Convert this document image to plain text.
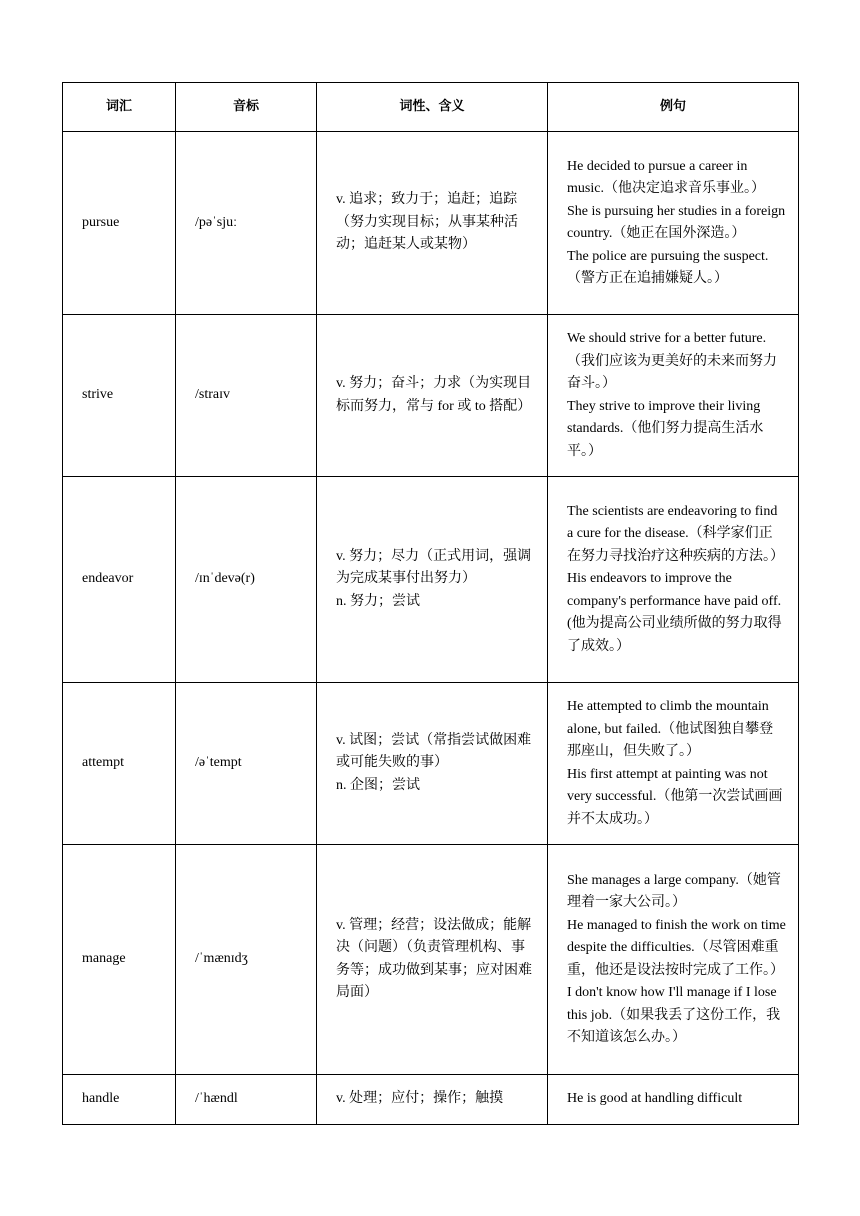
词汇	音标	词性、含义	例句
pursue	/pəˈsjuː	v. 追求；致力于；追赶；追踪（努力实现目标；从事某种活动；追赶某人或某物）	He decided to pursue a career in music.（他决定追求音乐事业。）
She is pursuing her studies in a foreign country.（她正在国外深造。）
The police are pursuing the suspect.（警方正在追捕嫌疑人。）

strive	/straɪv	v. 努力；奋斗；力求（为实现目标而努力，常与 for 或 to 搭配）	We should strive for a better future.（我们应该为更美好的未来而努力奋斗。）
They strive to improve their living standards.（他们努力提高生活水平。）

endeavor	/ɪnˈdevə(r)	v. 努力；尽力（正式用词，强调为完成某事付出努力）
n. 努力；尝试	The scientists are endeavoring to find a cure for the disease.（科学家们正在努力寻找治疗这种疾病的方法。）
His endeavors to improve the company's performance have paid off.(他为提高公司业绩所做的努力取得了成效。）

attempt	/əˈtempt	v. 试图；尝试（常指尝试做困难或可能失败的事）
n. 企图；尝试	He attempted to climb the mountain alone, but failed.（他试图独自攀登那座山，但失败了。）
His first attempt at painting was not very successful.（他第一次尝试画画并不太成功。）

manage	/ˈmænɪdʒ	v. 管理；经营；设法做成；能解决（问题）（负责管理机构、事务等；成功做到某事；应对困难局面）	She manages a large company.（她管理着一家大公司。）
He managed to finish the work on time despite the difficulties.（尽管困难重重，他还是设法按时完成了工作。）
I don't know how I'll manage if I lose this job.（如果我丢了这份工作，我不知道该怎么办。）

handle	/ˈhændl	v. 处理；应付；操作；触摸	He is good at handling difficult
